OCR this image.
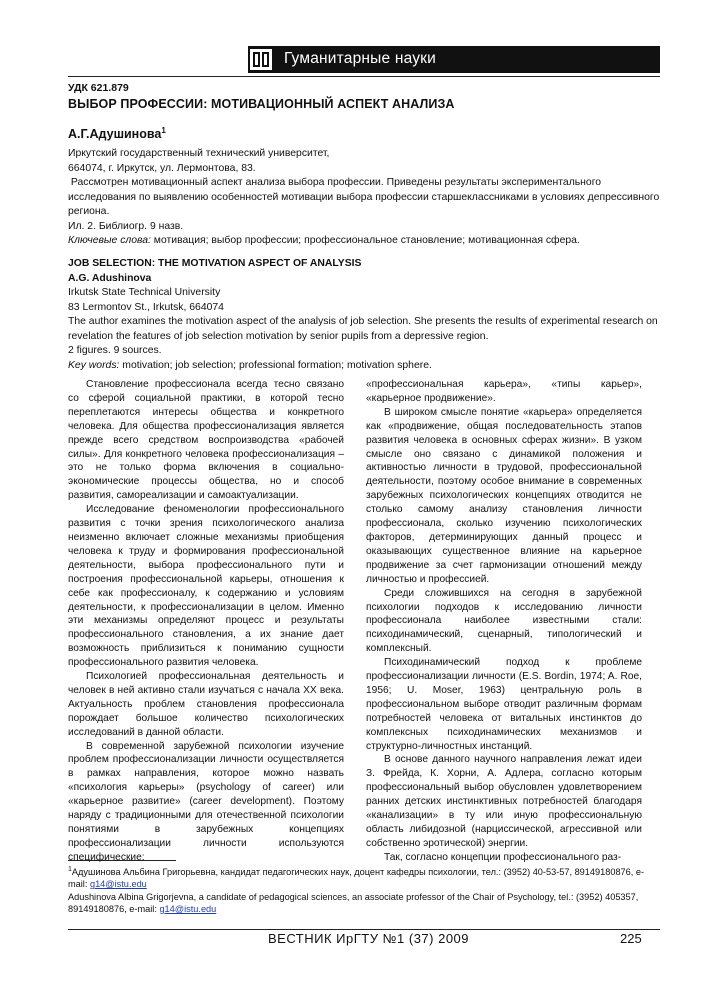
Гуманитарные науки
УДК 621.879
ВЫБОР ПРОФЕССИИ: МОТИВАЦИОННЫЙ АСПЕКТ АНАЛИЗА
А.Г.Адушинова$^1$

Иркутский государственный технический университет,

664074, г. Иркутск, ул. Лермонтова, 83.

Рассмотрен мотивационный аспект анализа выбора профессии. Приведены результаты экспериментального исследования по выявлению особенностей мотивации выбора профессии старшеклассниками в условиях депрессивного региона.

Ил. 2. Библиогр. 9 назв.

Ключевые слова: мотивация; выбор профессии; профессиональное становление; мотивационная сфера.

JOB SELECTION: THE MOTIVATION ASPECT OF ANALYSIS

A.G. Adushinova

Irkutsk State Technical University

83 Lermontov St., Irkutsk, 664074

The author examines the motivation aspect of the analysis of job selection. She presents the results of experimental research on revelation the features of job selection motivation by senior pupils from a depressive region.

2 figures. 9 sources.

Key words: motivation; job selection; professional formation; motivation sphere.

Становление профессионала всегда тесно связано со сферой социальной практики, в которой тесно переплетаются интересы общества и конкретного человека. Для общества профессионализация является прежде всего средством воспроизводства «рабочей силы». Для конкретного человека профессионализация – это не только форма включения в социально-экономические процессы общества, но и способ развития, самореализации и самоактуализации.

Исследование феноменологии профессионального развития с точки зрения психологического анализа неизменно включает сложные механизмы приобщения человека к труду и формирования профессиональной деятельности, выбора профессионального пути и построения профессиональной карьеры, отношения к себе как профессионалу, к содержанию и условиям деятельности, к профессионализации в целом. Именно эти механизмы определяют процесс и результаты профессионального становления, а их знание дает возможность приблизиться к пониманию сущности профессионального развития человека.

Психологией профессиональная деятельность и человек в ней активно стали изучаться с начала XX века. Актуальность проблем становления профессионала порождает большое количество психологических исследований в данной области.

В современной зарубежной психологии изучение проблем профессионализации личности осуществляется в рамках направления, которое можно назвать «психология карьеры» (psychology of career) или «карьерное развитие» (career development). Поэтому наряду с традиционными для отечественной психологии понятиями в зарубежных концепциях профессионализации личности используются специфические:

«профессиональная карьера», «типы карьер», «карьерное продвижение».

В широком смысле понятие «карьера» определяется как «продвижение, общая последовательность этапов развития человека в основных сферах жизни». В узком смысле оно связано с динамикой положения и активностью личности в трудовой, профессиональной деятельности, поэтому особое внимание в современных зарубежных психологических концепциях отводится не столько самому анализу становления личности профессионала, сколько изучению психологических факторов, детерминирующих данный процесс и оказывающих существенное влияние на карьерное продвижение за счет гармонизации отношений между личностью и профессией.

Среди сложившихся на сегодня в зарубежной психологии подходов к исследованию личности профессионала наиболее известными стали: психодинамический, сценарный, типологический и комплексный.

Психодинамический подход к проблеме профессионализации личности (E.S. Bordin, 1974; A. Roe, 1956; U. Moser, 1963) центральную роль в профессиональном выборе отводит различным формам потребностей человека от витальных инстинктов до комплексных психодинамических механизмов и структурно-личностных инстанций.

В основе данного научного направления лежат идеи З. Фрейда, К. Хорни, А. Адлера, согласно которым профессиональный выбор обусловлен удовлетворением ранних детских инстинктивных потребностей благодаря «канализации» в ту или иную профессиональную область либидозной (нарциссической, агрессивной или собственно эротической) энергии.

Так, согласно концепции профессионального раз-

$^1$Адушинова Альбина Григорьевна, кандидат педагогических наук, доцент кафедры психологии, тел.: (3952) 40-53-57, 89149180876, e-mail: g14@istu.edu

Adushinova Albina Grigorjevna, a candidate of pedagogical sciences, an associate professor of the Chair of Psychology, tel.: (3952) 405357, 89149180876, e-mail: g14@istu.edu

ВЕСТНИК ИрГТУ №1 (37) 2009	225
